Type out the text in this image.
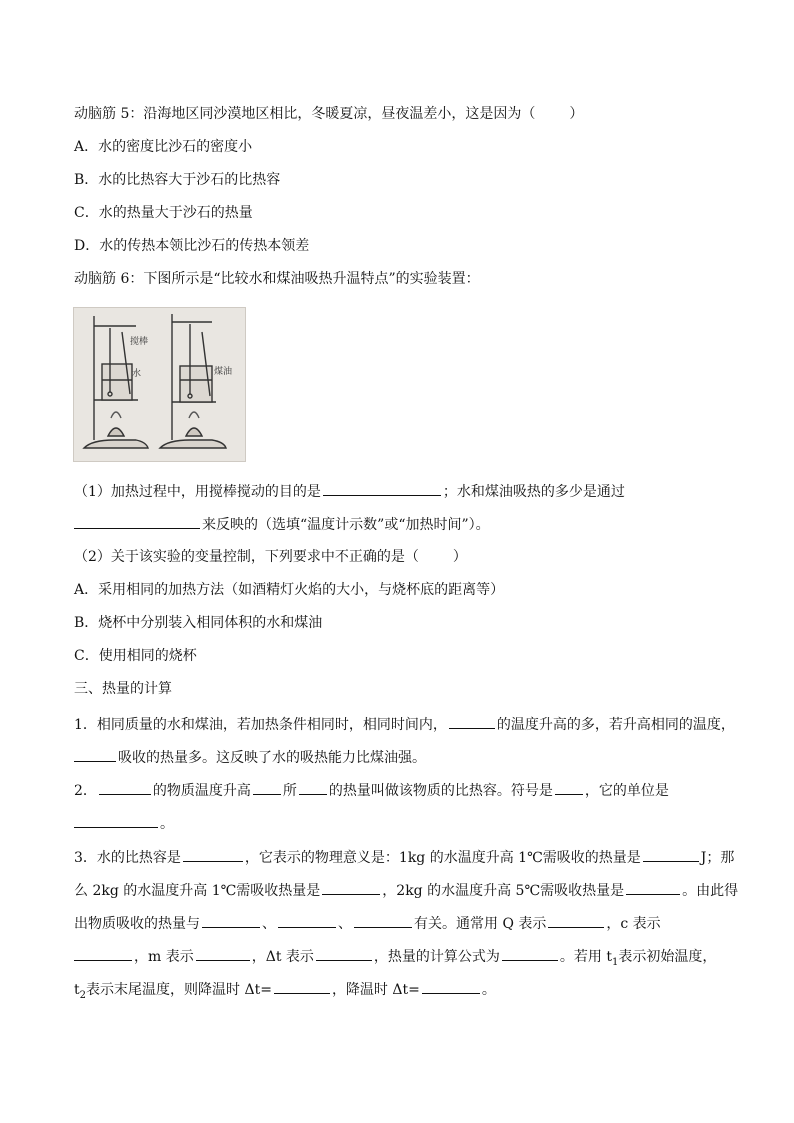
动脑筋 5：沿海地区同沙漠地区相比，冬暖夏凉，昼夜温差小，这是因为（ ）
A．水的密度比沙石的密度小
B．水的比热容大于沙石的比热容
C．水的热量大于沙石的热量
D．水的传热本领比沙石的传热本领差
动脑筋 6：下图所示是“比较水和煤油吸热升温特点”的实验装置：
搅棒
水	煤油
（1）加热过程中，用搅棒搅动的目的是	；水和煤油吸热的多少是通过
来反映的（选填“温度计示数”或“加热时间”）。
（2）关于该实验的变量控制，下列要求中不正确的是（ ）
A．采用相同的加热方法（如酒精灯火焰的大小，与烧杯底的距离等）
B．烧杯中分别装入相同体积的水和煤油
C．使用相同的烧杯
三、热量的计算
1．相同质量的水和煤油，若加热条件相同时，相同时间内，	的温度升高的多，若升高相同的温度，
吸收的热量多。这反映了水的吸热能力比煤油强。
2．	的物质温度升高 所 的热量叫做该物质的比热容。符号是 ，它的单位是
。
3．水的比热容是	，它表示的物理意义是：1kg 的水温度升高 1℃需吸收的热量是	J；那
么 2kg 的水温度升高 1℃需吸收热量是	，2kg 的水温度升高 5℃需吸收热量是	。由此得
出物质吸收的热量与	、	、	有关。通常用 Q 表示	，c 表示
，m 表示	，Δt 表示	，热量的计算公式为	。若用 $t_1$表示初始温度，
$t_2$表示末尾温度，则降温时 Δt=	，降温时 Δt=	。
